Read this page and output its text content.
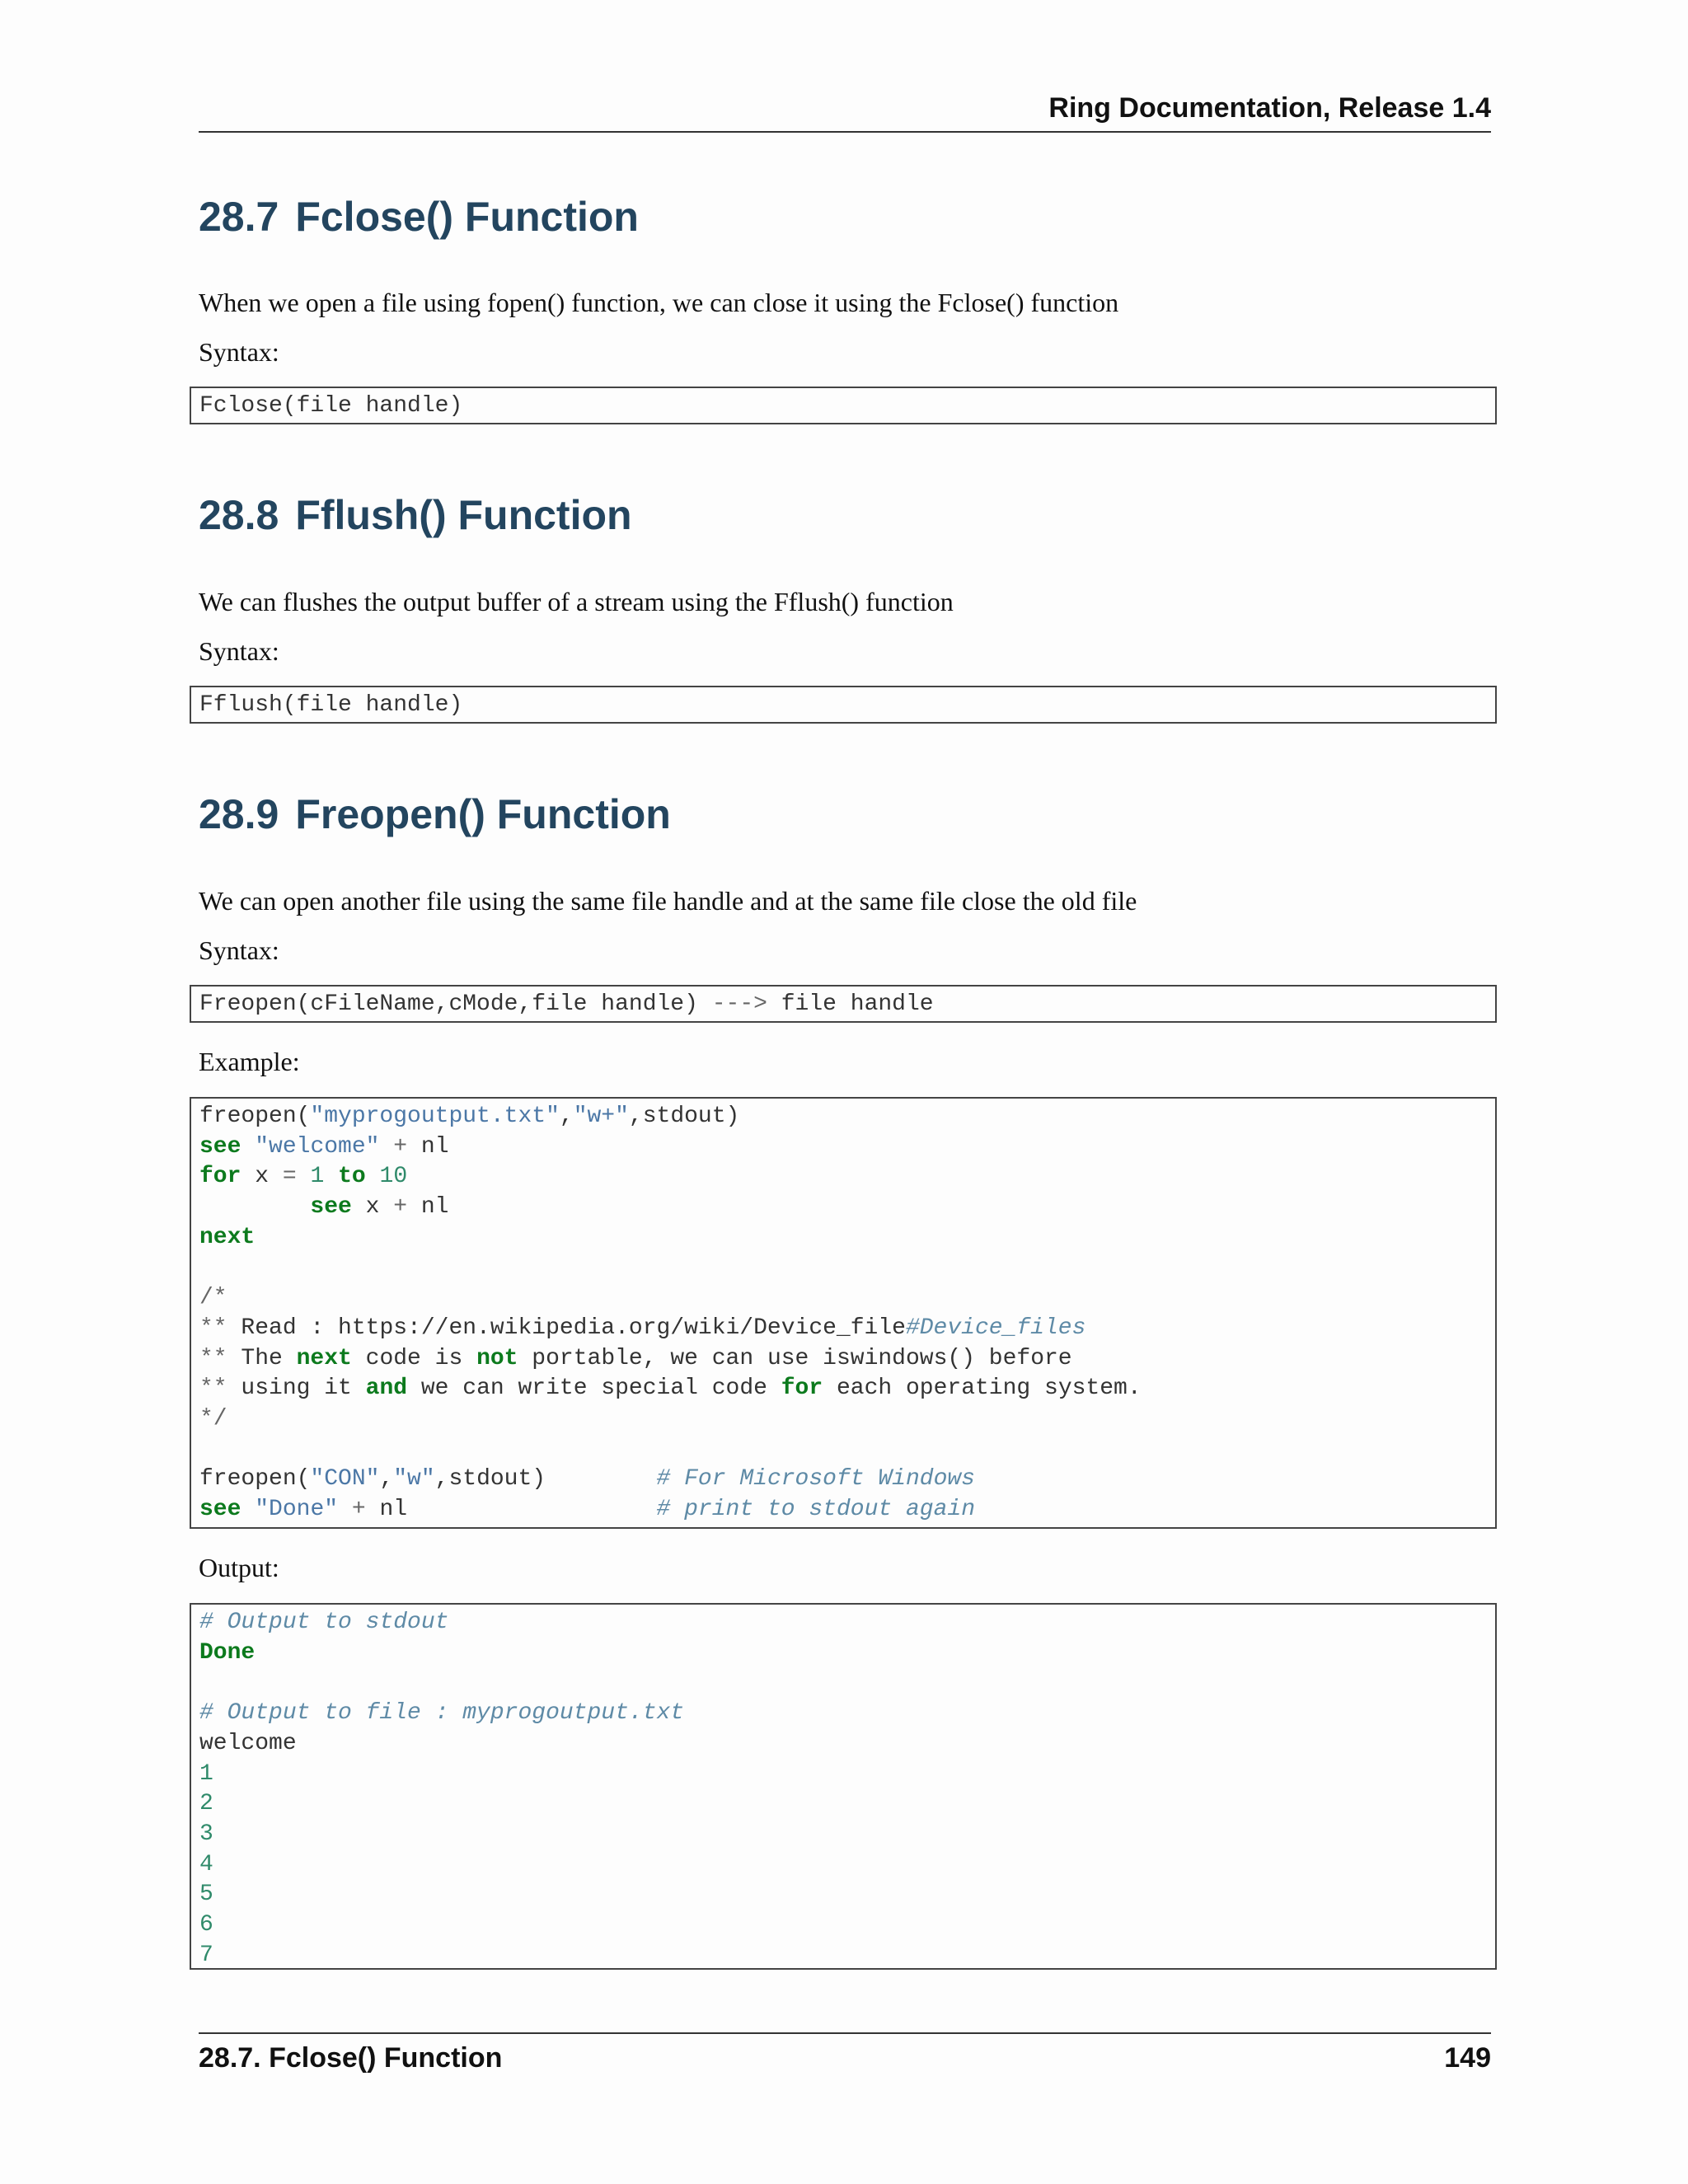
Ring Documentation, Release 1.4
28.7 Fclose() Function

When we open a file using fopen() function, we can close it using the Fclose() function

Syntax:

Fclose(file handle)
28.8 Fflush() Function

We can flushes the output buffer of a stream using the Fflush() function

Syntax:

Fflush(file handle)
28.9 Freopen() Function

We can open another file using the same file handle and at the same file close the old file

Syntax:

Freopen(cFileName,cMode,file handle) ---> file handle

Example:

freopen("myprogoutput.txt","w+",stdout)
see "welcome" + nl
for x = 1 to 10
see x + nl
next
/*
** Read : https://en.wikipedia.org/wiki/Device_file#Device_files
** The next code is not portable, we can use iswindows() before
** using it and we can write special code for each operating system.
*/
freopen("CON","w",stdout)        # For Microsoft Windows
see "Done" + nl                  # print to stdout again

Output:

# Output to stdout
Done
# Output to file : myprogoutput.txt
welcome
1
2
3
4
5
6
7
28.7. Fclose() Function	149
